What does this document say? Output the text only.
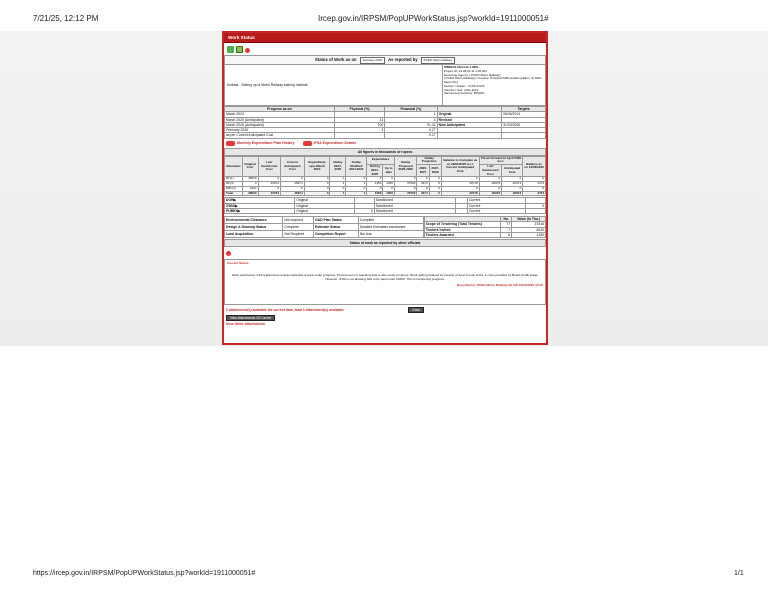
7/21/25, 12:12 PM	Ircep.gov.in/IRPSM/PopUPWorkStatus.jsp?workId=1911000051#
Work Status
Status of Work as on	February 2025	As reported by	PCEO Metro Railway
Kolkata - Setting up of Metro Railway training Institute
WMIS/31.08.04.11.1.2801
Project ID: 21.08.04.11.1.06.001
Executing Agency: [ PCEO Metro Railway]
[ PCEO Metro Railway] [ Creative, Principal IMRI Academy/Ellen, Sr DEN Metro Rly]
Section / Station : KCMI-KAVS
Sanction Year: 2011-2012
Sanctioning Authority: BOARD
Progress as on	Physical (%)	Financial (%)		Targets
March 2024		1	Original	06/06/2014
March 2025 (Anticipated)	13	4	Revised	
March 2026 (Anticipated)	100	91.32	Now Anticipated	31/03/2026
February 2025	3	0.27		
as per Current Anticipated Cost		0.27		
Monthly Expenditure Plan History	IFSA Expenditure Details
All figures in thousands of rupees
Allocation	Original Cost	Last Sanctioned Cost	Current Anticipated Cost	Expenditure upto March 2024	Outlay 2024-2025	Outlay Modified 2024-2025	Expenditure		Outlay Proposed 2025-2026	Outlay Projection		Balance to Complete as on 28/02/2025 w.r.t. Current Anticipated Cost	Throw Forward in April 2026 w.r.t.		Balance as on 31/03/2026
							During 2024-2025	Up to date		2026-2027	2027-2028		Last Sanctioned Cost	Anticipated Cost	
RF(1)	38000	0	0	0	0	0	0	0	0	0	0	0	0	0	0
RF(4)	0	40974	40974	0	1	1	1356	1356	37500	3474	0	39718	-40973	-40973	3473
RRF(3)	4402	0	0	0	0	0	0	0	0	0	0	0	0	0	0
Total	38000	40974	40974	0	1	1	1356	1356	37500	3474	0	39718	40973	40973	3473
DOR▶	Original		Sanctioned		Current	
ZSBS▶	Original		Sanctioned		Current	0
PUBEX▶	Original	0	Sanctioned		Current	
Environmental Clearance	Not required	GAD Plan Status	Complete
Design & Drawing Status	Complete	Estimate Status	Detailed Estimates sanctioned
Land Acquisition	Not Required	Completion Report	Not due
	No.	Value (In Tho.)
Scope of Tendering (Total Tenders)	77	37816
Tenders Invited	7	6026
Tenders Awarded	6	4180
Status of work as reported by other officials
Current Status :
Work sanctioned. Civil & Electrical contract awarded & work under progress. Procurement of teaching aids is also under progress. Work getting delayed for paucity of fund. Funds of Rs. 1 crore provided by Board at RE stage. However, IFSA is not allowing bills to be paid under DRDS. This is hampering progress.
Reported by: PCEO Metro Railway AE ON 24/02/2025 12:45
0 Attachment(s) available for current date, total 3 Attachment(s) available.	Close
View Attachments Of Current
View Other Attachments
https://ircep.gov.in/IRPSM/PopUPWorkStatus.jsp?workId=1911000051#	1/1
